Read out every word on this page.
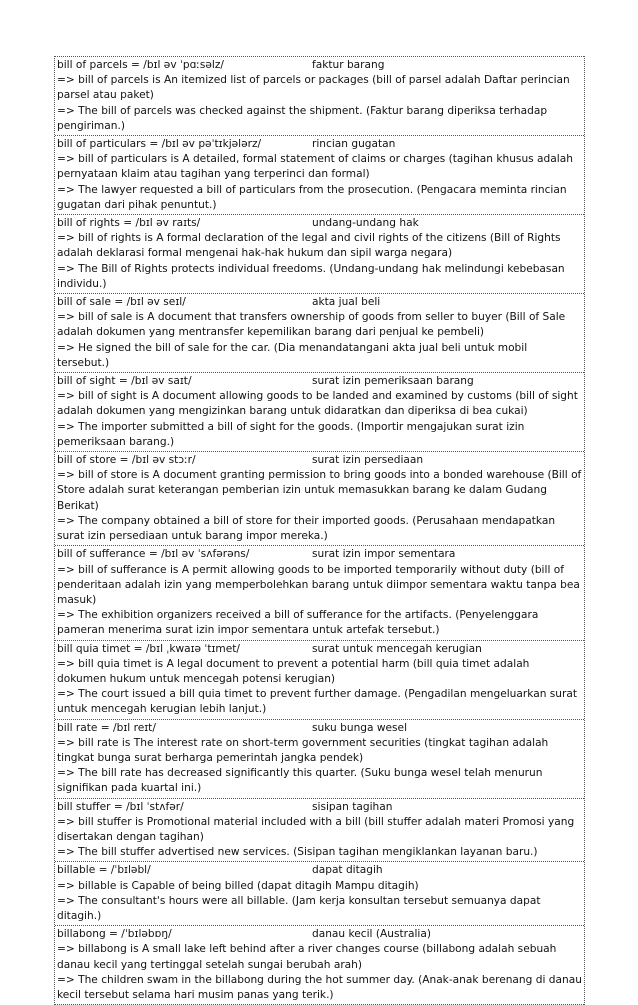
bill of parcels = /bɪl əv ˈpɑːsəlz/	faktur barang
=> bill of parcels is An itemized list of parcels or packages (bill of parsel adalah Daftar perincian parsel atau paket)
=> The bill of parcels was checked against the shipment. (Faktur barang diperiksa terhadap pengiriman.)
bill of particulars = /bɪl əv pəˈtɪkjələrz/	rincian gugatan
=> bill of particulars is A detailed, formal statement of claims or charges (tagihan khusus adalah pernyataan klaim atau tagihan yang terperinci dan formal)
=> The lawyer requested a bill of particulars from the prosecution. (Pengacara meminta rincian gugatan dari pihak penuntut.)
bill of rights = /bɪl əv raɪts/	undang-undang hak
=> bill of rights is A formal declaration of the legal and civil rights of the citizens (Bill of Rights adalah deklarasi formal mengenai hak-hak hukum dan sipil warga negara)
=> The Bill of Rights protects individual freedoms. (Undang-undang hak melindungi kebebasan individu.)
bill of sale = /bɪl əv seɪl/	akta jual beli
=> bill of sale is A document that transfers ownership of goods from seller to buyer (Bill of Sale adalah dokumen yang mentransfer kepemilikan barang dari penjual ke pembeli)
=> He signed the bill of sale for the car. (Dia menandatangani akta jual beli untuk mobil tersebut.)
bill of sight = /bɪl əv saɪt/	surat izin pemeriksaan barang
=> bill of sight is A document allowing goods to be landed and examined by customs (bill of sight adalah dokumen yang mengizinkan barang untuk didaratkan dan diperiksa di bea cukai)
=> The importer submitted a bill of sight for the goods. (Importir mengajukan surat izin pemeriksaan barang.)
bill of store = /bɪl əv stɔːr/	surat izin persediaan
=> bill of store is A document granting permission to bring goods into a bonded warehouse (Bill of Store adalah surat keterangan pemberian izin untuk memasukkan barang ke dalam Gudang Berikat)
=> The company obtained a bill of store for their imported goods. (Perusahaan mendapatkan surat izin persediaan untuk barang impor mereka.)
bill of sufferance = /bɪl əv ˈsʌfərəns/	surat izin impor sementara
=> bill of sufferance is A permit allowing goods to be imported temporarily without duty (bill of penderitaan adalah izin yang memperbolehkan barang untuk diimpor sementara waktu tanpa bea masuk)
=> The exhibition organizers received a bill of sufferance for the artifacts. (Penyelenggara pameran menerima surat izin impor sementara untuk artefak tersebut.)
bill quia timet = /bɪl ˌkwaɪə ˈtɪmet/	surat untuk mencegah kerugian
=> bill quia timet is A legal document to prevent a potential harm (bill quia timet adalah dokumen hukum untuk mencegah potensi kerugian)
=> The court issued a bill quia timet to prevent further damage. (Pengadilan mengeluarkan surat untuk mencegah kerugian lebih lanjut.)
bill rate = /bɪl reɪt/	suku bunga wesel
=> bill rate is The interest rate on short-term government securities (tingkat tagihan adalah tingkat bunga surat berharga pemerintah jangka pendek)
=> The bill rate has decreased significantly this quarter. (Suku bunga wesel telah menurun signifikan pada kuartal ini.)
bill stuffer = /bɪl ˈstʌfər/	sisipan tagihan
=> bill stuffer is Promotional material included with a bill (bill stuffer adalah materi Promosi yang disertakan dengan tagihan)
=> The bill stuffer advertised new services. (Sisipan tagihan mengiklankan layanan baru.)
billable = /ˈbɪləbl/	dapat ditagih
=> billable is Capable of being billed (dapat ditagih Mampu ditagih)
=> The consultant's hours were all billable. (Jam kerja konsultan tersebut semuanya dapat ditagih.)
billabong = /ˈbɪləbɒŋ/	danau kecil (Australia)
=> billabong is A small lake left behind after a river changes course (billabong adalah sebuah danau kecil yang tertinggal setelah sungai berubah arah)
=> The children swam in the billabong during the hot summer day. (Anak-anak berenang di danau kecil tersebut selama hari musim panas yang terik.)
